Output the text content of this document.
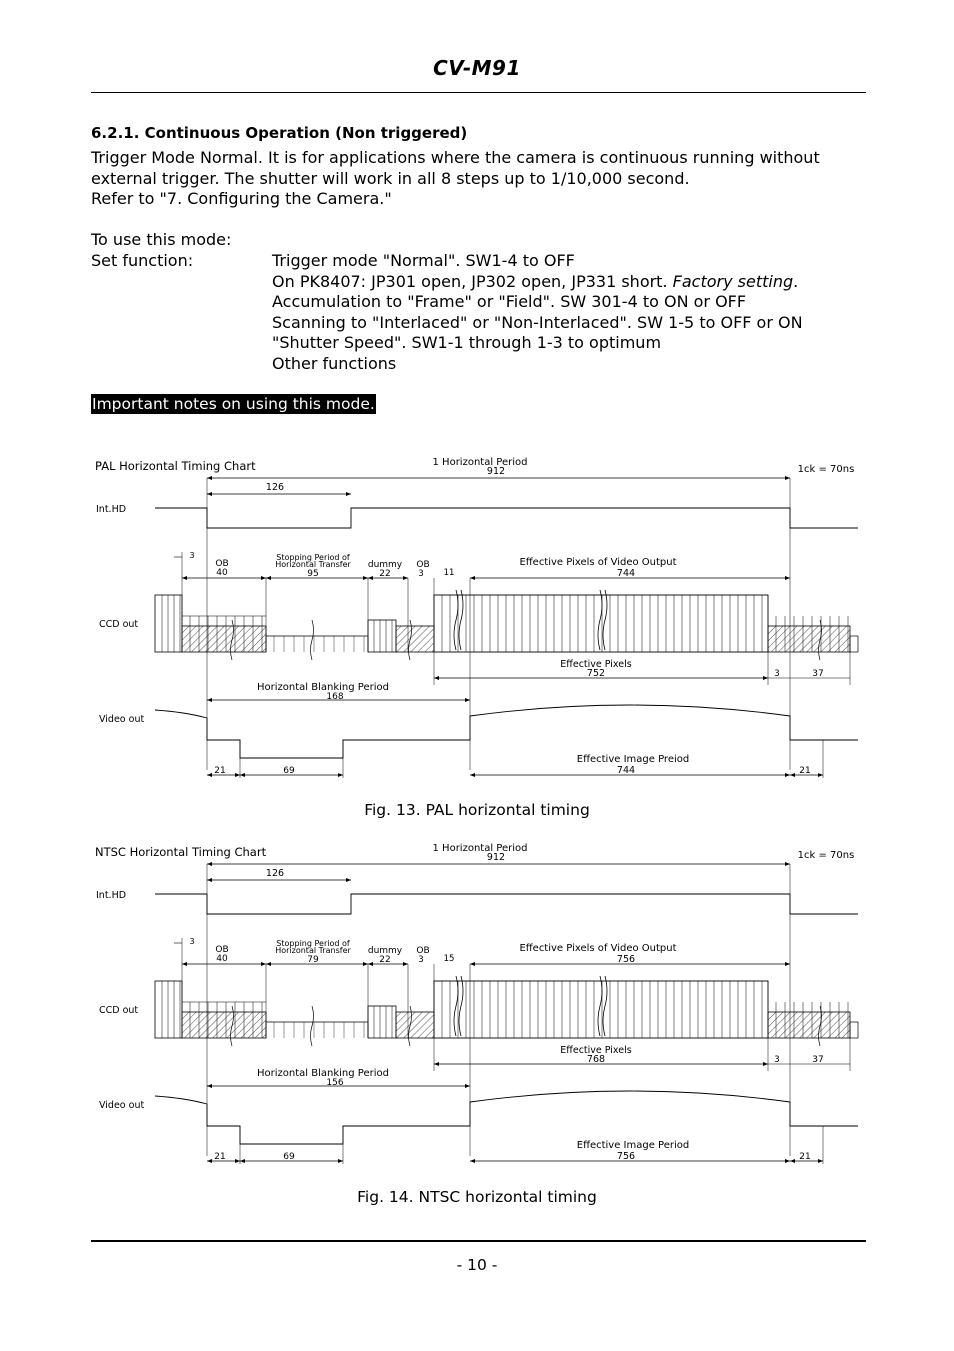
CV-M91
6.2.1. Continuous Operation (Non triggered)
Trigger Mode Normal. It is for applications where the camera is continuous running without
external trigger. The shutter will work in all 8 steps up to 1/10,000 second.
Refer to "7. Configuring the Camera."
To use this mode:
Set function:	Trigger mode "Normal". SW1-4 to OFF
On PK8407: JP301 open, JP302 open, JP331 short. Factory setting.
Accumulation to "Frame" or "Field". SW 301-4 to ON or OFF
Scanning to "Interlaced" or "Non-Interlaced". SW 1-5 to OFF or ON
"Shutter Speed". SW1-1 through 1-3 to optimum
Other functions
Important notes on using this mode.
PAL Horizontal Timing Chart	1 Horizontal Period
912	1ck = 70ns
Int.HD
126
3
OB
40
Stopping Period of
Horizontal Transfer
95
dummy
22
OB
3 11
Effective Pixels of Video Output
744
CCD out
Effective Pixels
752	3	37
Horizontal Blanking Period
168
Video out
21	69
Effective Image Preiod
744	21
Fig. 13. PAL horizontal timing
NTSC Horizontal Timing Chart	1 Horizontal Period
912	1ck = 70ns
Int.HD
126
3
OB
40
Stopping Period of
Horizontal Transfer
79
dummy
22
OB
3 15
Effective Pixels of Video Output
756
CCD out
Effective Pixels
768	3	37
Horizontal Blanking Period
156
Video out
21	69
Effective Image Period
756	21
Fig. 14. NTSC horizontal timing
- 10 -
